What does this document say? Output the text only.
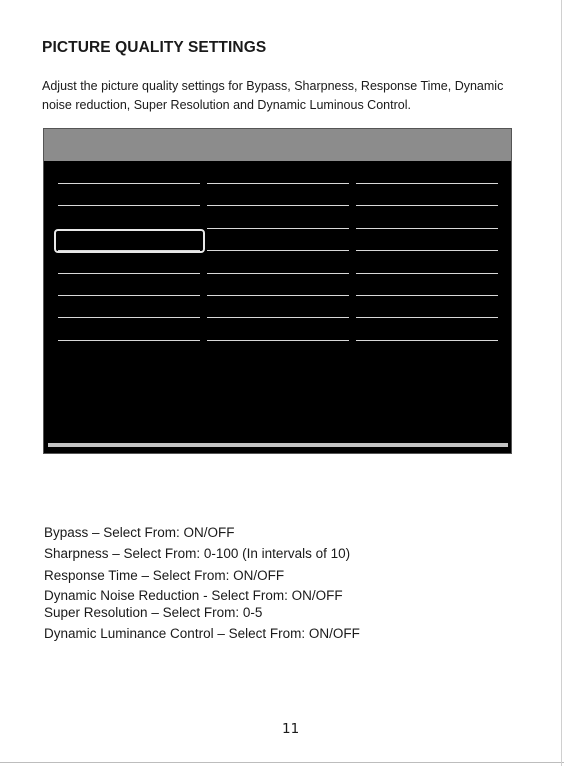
PICTURE QUALITY SETTINGS
Adjust the picture quality settings for Bypass, Sharpness, Response Time, Dynamic noise reduction, Super Resolution and Dynamic Luminous Control.
Bypass – Select From: ON/OFF
Sharpness – Select From: 0-100 (In intervals of 10)
Response Time – Select From: ON/OFF
Dynamic Noise Reduction - Select From: ON/OFF
Super Resolution – Select From: 0-5
Dynamic Luminance Control – Select From: ON/OFF
11
